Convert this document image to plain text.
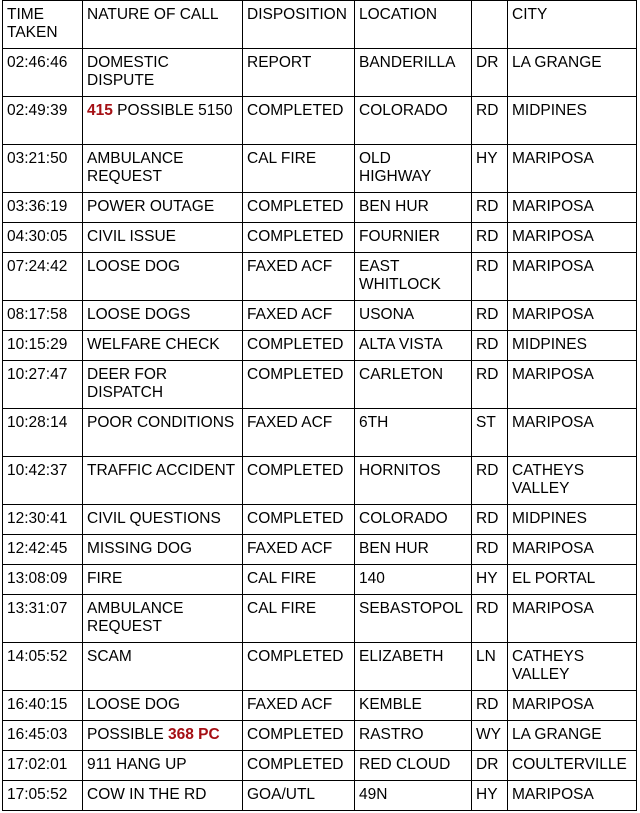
TIME
TAKEN	NATURE OF CALL	DISPOSITION	LOCATION		CITY
02:46:46	DOMESTIC DISPUTE	REPORT	BANDERILLA	DR	LA GRANGE
02:49:39	415 POSSIBLE 5150	COMPLETED	COLORADO	RD	MIDPINES
03:21:50	AMBULANCE REQUEST	CAL FIRE	OLD HIGHWAY	HY	MARIPOSA
03:36:19	POWER OUTAGE	COMPLETED	BEN HUR	RD	MARIPOSA
04:30:05	CIVIL ISSUE	COMPLETED	FOURNIER	RD	MARIPOSA
07:24:42	LOOSE DOG	FAXED ACF	EAST WHITLOCK	RD	MARIPOSA
08:17:58	LOOSE DOGS	FAXED ACF	USONA	RD	MARIPOSA
10:15:29	WELFARE CHECK	COMPLETED	ALTA VISTA	RD	MIDPINES
10:27:47	DEER FOR DISPATCH	COMPLETED	CARLETON	RD	MARIPOSA
10:28:14	POOR CONDITIONS	FAXED ACF	6TH	ST	MARIPOSA
10:42:37	TRAFFIC ACCIDENT	COMPLETED	HORNITOS	RD	CATHEYS VALLEY
12:30:41	CIVIL QUESTIONS	COMPLETED	COLORADO	RD	MIDPINES
12:42:45	MISSING DOG	FAXED ACF	BEN HUR	RD	MARIPOSA
13:08:09	FIRE	CAL FIRE	140	HY	EL PORTAL
13:31:07	AMBULANCE REQUEST	CAL FIRE	SEBASTOPOL	RD	MARIPOSA
14:05:52	SCAM	COMPLETED	ELIZABETH	LN	CATHEYS VALLEY
16:40:15	LOOSE DOG	FAXED ACF	KEMBLE	RD	MARIPOSA
16:45:03	POSSIBLE 368 PC	COMPLETED	RASTRO	WY	LA GRANGE
17:02:01	911 HANG UP	COMPLETED	RED CLOUD	DR	COULTERVILLE
17:05:52	COW IN THE RD	GOA/UTL	49N	HY	MARIPOSA
